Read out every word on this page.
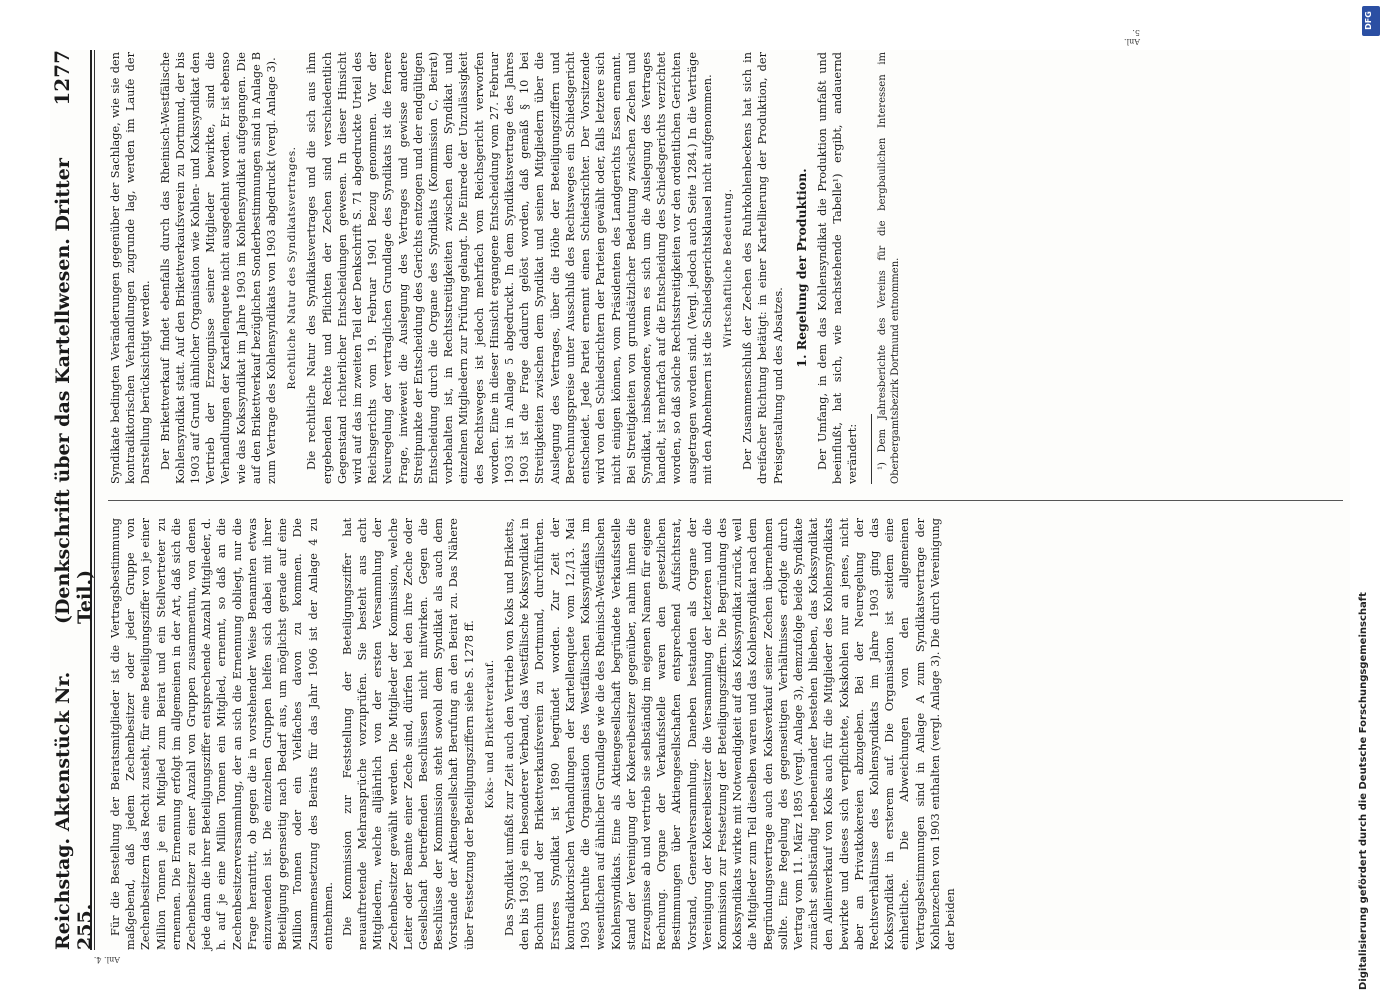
Reichstag. Aktenstück Nr. 255.
(Denkschrift über das Kartellwesen. Dritter Teil.)
1277

Für die Bestellung der Beiratsmitglieder ist die Vertragsbestimmung maßgebend, daß jedem Zechenbesitzer oder jeder Gruppe von Zechenbesitzern das Recht zusteht, für eine Beteiligungsziffer von je einer Million Tonnen je ein Mitglied zum Beirat und ein Stellvertreter zu ernennen. Die Ernennung erfolgt im allgemeinen in der Art, daß sich die Zechenbesitzer zu einer Anzahl von Gruppen zusammentun, von denen jede dann die ihrer Beteiligungsziffer entsprechende Anzahl Mitglieder, d. h. auf je eine Million Tonnen ein Mitglied, ernennt, so daß an die Zechenbesitzerversammlung, der an sich die Ernennung obliegt, nur die Frage herantritt, ob gegen die in vorstehender Weise Benannten etwas einzuwenden ist. Die einzelnen Gruppen helfen sich dabei mit ihrer Beteiligung gegenseitig nach Bedarf aus, um möglichst gerade auf eine Million Tonnen oder ein Vielfaches davon zu kommen. Die Zusammensetzung des Beirats für das Jahr 1906 ist der Anlage 4 zu entnehmen. Die Kommission zur Feststellung der Beteiligungsziffer hat neuauftretende Mehransprüche vorzuprüfen. Sie besteht aus acht Mitgliedern, welche alljährlich von der ersten Versammlung der Zechenbesitzer gewählt werden. Die Mitglieder der Kommission, welche Leiter oder Beamte einer Zeche sind, dürfen bei den ihre Zeche oder Gesellschaft betreffenden Beschlüssen nicht mitwirken. Gegen die Beschlüsse der Kommission steht sowohl dem Syndikat als auch dem Vorstande der Aktiengesellschaft Berufung an den Beirat zu. Das Nähere über Festsetzung der Beteiligungsziffern siehe S. 1278 ff. Koks- und Brikettverkauf. Das Syndikat umfaßt zur Zeit auch den Vertrieb von Koks und Briketts, den bis 1903 je ein besonderer Verband, das Westfälische Kokssyndikat in Bochum und der Brikettverkaufsverein zu Dortmund, durchführten. Ersteres Syndikat ist 1890 begründet worden. Zur Zeit der kontradiktorischen Verhandlungen der Kartellenquete vom 12./13. Mai 1903 beruhte die Organisation des Westfälischen Kokssyndikats im wesentlichen auf ähnlicher Grundlage wie die des Rheinisch-Westfälischen Kohlensyndikats. Eine als Aktiengesellschaft begründete Verkaufsstelle stand der Vereinigung der Kokereibesitzer gegenüber, nahm ihnen die Erzeugnisse ab und vertrieb sie selbständig im eigenen Namen für eigene Rechnung. Organe der Verkaufsstelle waren den gesetzlichen Bestimmungen über Aktiengesellschaften entsprechend Aufsichtsrat, Vorstand, Generalversammlung. Daneben bestanden als Organe der Vereinigung der Kokereibesitzer die Versammlung der letzteren und die Kommission zur Festsetzung der Beteiligungsziffern. Die Begründung des Kokssyndikats wirkte mit Notwendigkeit auf das Kokssyndikat zurück, weil die Mitglieder zum Teil dieselben waren und das Kohlensyndikat nach dem Begründungsvertrage auch den Koksverkauf seiner Zechen übernehmen sollte. Eine Regelung des gegenseitigen Verhältnisses erfolgte durch Vertrag vom 11. März 1895 (vergl. Anlage 3), demzufolge beide Syndikate zunächst selbständig nebeneinander bestehen blieben, das Kokssyndikat den Alleinverkauf von Koks auch für die Mitglieder des Kohlensyndikats bewirkte und dieses sich verpflichtete, Kokskohlen nur an jenes, nicht aber an Privatkokereien abzugeben. Bei der Neuregelung der Rechtsverhältnisse des Kohlensyndikats im Jahre 1903 ging das Kokssyndikat in ersterem auf. Die Organisation ist seitdem eine einheitliche. Die Abweichungen von den allgemeinen Vertragsbestimmungen sind in Anlage A zum Syndikatsvertrage der Kohlenzechen von 1903 enthalten (vergl. Anlage 3). Die durch Vereinigung der beiden

Syndikate bedingten Veränderungen gegenüber der Sachlage, wie sie den kontradiktorischen Verhandlungen zugrunde lag, werden im Laufe der Darstellung berücksichtigt werden. Der Brikettverkauf findet ebenfalls durch das Rheinisch-Westfälische Kohlensyndikat statt. Auf den Brikettverkaufsverein zu Dortmund, der bis 1903 auf Grund ähnlicher Organisation wie Kohlen- und Kokssyndikat den Vertrieb der Erzeugnisse seiner Mitglieder bewirkte, sind die Verhandlungen der Kartellenquete nicht ausgedehnt worden. Er ist ebenso wie das Kokssyndikat im Jahre 1903 im Kohlensyndikat aufgegangen. Die auf den Brikettverkauf bezüglichen Sonderbestimmungen sind in Anlage B zum Vertrage des Kohlensyndikats von 1903 abgedruckt (vergl. Anlage 3). Rechtliche Natur des Syndikatsvertrages. Die rechtliche Natur des Syndikatsvertrages und die sich aus ihm ergebenden Rechte und Pflichten der Zechen sind verschiedentlich Gegenstand richterlicher Entscheidungen gewesen. In dieser Hinsicht wird auf das im zweiten Teil der Denkschrift S. 71 abgedruckte Urteil des Reichsgerichts vom 19. Februar 1901 Bezug genommen. Vor der Neuregelung der vertraglichen Grundlage des Syndikats ist die fernere Frage, inwieweit die Auslegung des Vertrages und gewisse andere Streitpunkte der Entscheidung des Gerichts entzogen und der endgültigen Entscheidung durch die Organe des Syndikats (Kommission C, Beirat) vorbehalten ist, in Rechtsstreitigkeiten zwischen dem Syndikat und einzelnen Mitgliedern zur Prüfung gelangt. Die Einrede der Unzulässigkeit des Rechtsweges ist jedoch mehrfach vom Reichsgericht verworfen worden. Eine in dieser Hinsicht ergangene Entscheidung vom 27. Februar 1903 ist in Anlage 5 abgedruckt. In dem Syndikatsvertrage des Jahres 1903 ist die Frage dadurch gelöst worden, daß gemäß § 10 bei Streitigkeiten zwischen dem Syndikat und seinen Mitgliedern über die Auslegung des Vertrages, über die Höhe der Beteiligungsziffern und Berechnungspreise unter Ausschluß des Rechtsweges ein Schiedsgericht entscheidet. Jede Partei ernennt einen Schiedsrichter. Der Vorsitzende wird von den Schiedsrichtern der Parteien gewählt oder, falls letztere sich nicht einigen können, vom Präsidenten des Landgerichts Essen ernannt. Bei Streitigkeiten von grundsätzlicher Bedeutung zwischen Zechen und Syndikat, insbesondere, wenn es sich um die Auslegung des Vertrages handelt, ist mehrfach auf die Entscheidung des Schiedsgerichts verzichtet worden, so daß solche Rechtsstreitigkeiten vor den ordentlichen Gerichten ausgetragen worden sind. (Vergl. jedoch auch Seite 1284.) In die Verträge mit den Abnehmern ist die Schiedsgerichtsklausel nicht aufgenommen. Wirtschaftliche Bedeutung. Der Zusammenschluß der Zechen des Ruhrkohlenbeckens hat sich in dreifacher Richtung betätigt: in einer Kartellierung der Produktion, der Preisgestaltung und des Absatzes.

1. Regelung der Produktion. Der Umfang, in dem das Kohlensyndikat die Produktion umfaßt und beeinflußt, hat sich, wie nachstehende Tabelle¹) ergibt, andauernd verändert: ¹) Dem Jahresberichte des Vereins für die bergbaulichen Interessen im Oberbergamtsbezirk Dortmund entnommen.

Anl. 4.
Anl. 5.
Digitalisierung gefördert durch die Deutsche Forschungsgemeinschaft
DFG
